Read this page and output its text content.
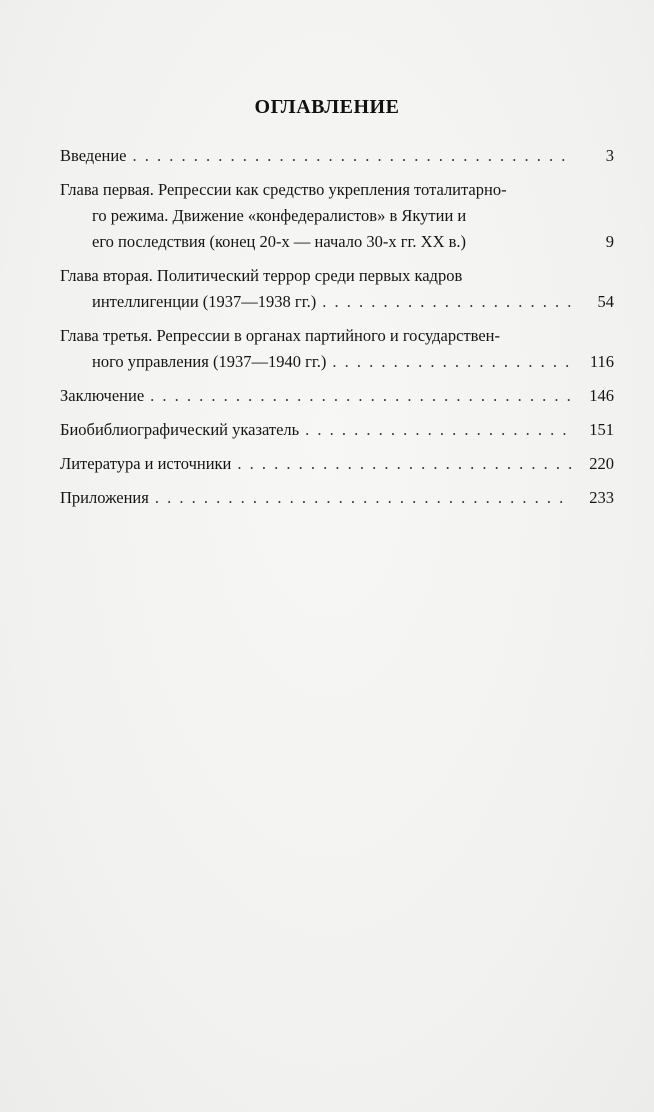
ОГЛАВЛЕНИЕ
Введение . . .	3
Глава первая. Репрессии как средство укрепления тоталитарно-
го режима. Движение «конфедералистов» в Якутии и
его последствия (конец 20-х — начало 30-х гг. XX в.)	9
Глава вторая. Политический террор среди первых кадров
интеллигенции (1937—1938 гг.) . . .	54
Глава третья. Репрессии в органах партийного и государствен-
ного управления (1937—1940 гг.) . . .	116
Заключение . . .	146
Биобиблиографический указатель . . .	151
Литература и источники . . .	220
Приложения . . .	233
